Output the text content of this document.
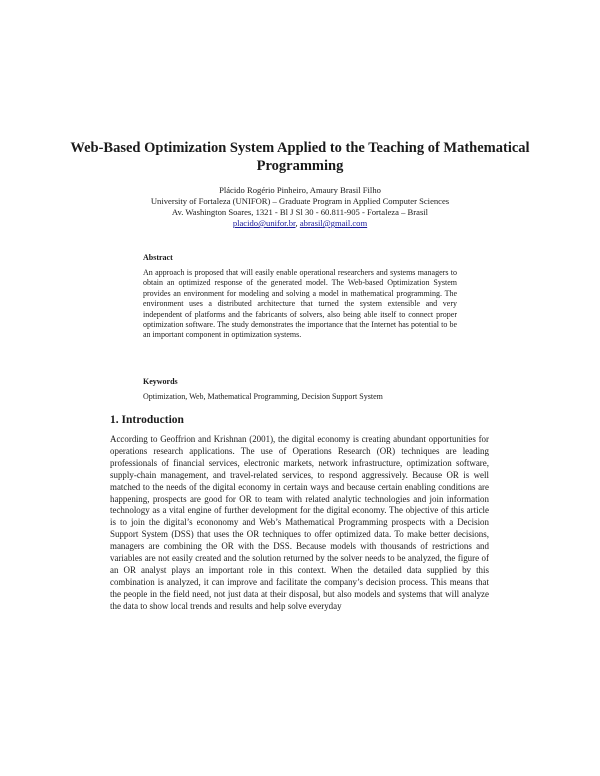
Web-Based Optimization System Applied to the Teaching of Mathematical Programming
Plácido Rogério Pinheiro, Amaury Brasil Filho
University of Fortaleza (UNIFOR) – Graduate Program in Applied Computer Sciences
Av. Washington Soares, 1321 - Bl J Sl 30 - 60.811-905 - Fortaleza – Brasil
placido@unifor.br, abrasil@gmail.com
Abstract
An approach is proposed that will easily enable operational researchers and systems managers to obtain an optimized response of the generated model. The Web-based Optimization System provides an environment for modeling and solving a model in mathematical programming. The environment uses a distributed architecture that turned the system extensible and very independent of platforms and the fabricants of solvers, also being able itself to connect proper optimization software. The study demonstrates the importance that the Internet has potential to be an important component in optimization systems.
Keywords
Optimization, Web, Mathematical Programming, Decision Support System
1. Introduction
According to Geoffrion and Krishnan (2001), the digital economy is creating abundant opportunities for operations research applications. The use of Operations Research (OR) techniques are leading professionals of financial services, electronic markets, network infrastructure, optimization software, supply-chain management, and travel-related services, to respond aggressively. Because OR is well matched to the needs of the digital economy in certain ways and because certain enabling conditions are happening, prospects are good for OR to team with related analytic technologies and join information technology as a vital engine of further development for the digital economy. The objective of this article is to join the digital’s econonomy and Web’s Mathematical Programming prospects with a Decision Support System (DSS) that uses the OR techniques to offer optimized data. To make better decisions, managers are combining the OR with the DSS. Because models with thousands of restrictions and variables are not easily created and the solution returned by the solver needs to be analyzed, the figure of an OR analyst plays an important role in this context. When the detailed data supplied by this combination is analyzed, it can improve and facilitate the company’s decision process. This means that the people in the field need, not just data at their disposal, but also models and systems that will analyze the data to show local trends and results and help solve everyday
